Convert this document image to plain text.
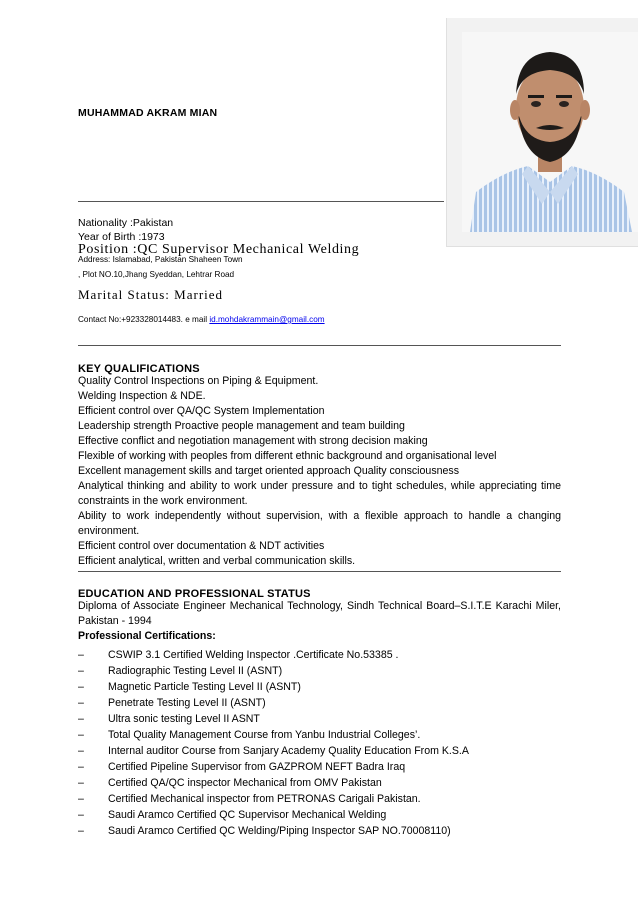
MUHAMMAD AKRAM MIAN
Nationality :Pakistan
Year of Birth :1973
Position :QC Supervisor Mechanical Welding
Address: Islamabad, Pakistan Shaheen Town
, Plot NO.10,Jhang Syeddan, Lehtrar Road
Marital Status: Married
Contact No:+923328014483. e mail id.mohdakrammain@gmail.com
KEY QUALIFICATIONS
Quality Control Inspections on Piping & Equipment.
Welding Inspection & NDE.
Efficient control over QA/QC System Implementation
Leadership strength Proactive people management and team building
Effective conflict and negotiation management with strong decision making
Flexible of working with peoples from different ethnic background and organisational level
Excellent management skills and target oriented approach Quality consciousness
Analytical thinking and ability to work under pressure and to tight schedules, while appreciating time constraints in the work environment.
Ability to work independently without supervision, with a flexible approach to handle a changing environment.
Efficient control over documentation & NDT activities
Efficient analytical, written and verbal communication skills.
EDUCATION AND PROFESSIONAL STATUS
Diploma of Associate Engineer Mechanical Technology, Sindh Technical Board–S.I.T.E Karachi Miler, Pakistan - 1994
Professional Certifications:
– CSWIP 3.1 Certified Welding Inspector .Certificate No.53385 .
– Radiographic Testing Level II (ASNT)
– Magnetic Particle Testing Level II (ASNT)
– Penetrate Testing Level II (ASNT)
– Ultra sonic testing Level II ASNT
– Total Quality Management Course from Yanbu Industrial Colleges’.
– Internal auditor Course from Sanjary Academy Quality Education From K.S.A
– Certified Pipeline Supervisor from GAZPROM NEFT Badra Iraq
– Certified QA/QC inspector Mechanical from OMV Pakistan
– Certified Mechanical inspector from PETRONAS Carigali Pakistan.
– Saudi Aramco Certified QC Supervisor Mechanical Welding
– Saudi Aramco Certified QC Welding/Piping Inspector SAP NO.70008110)
